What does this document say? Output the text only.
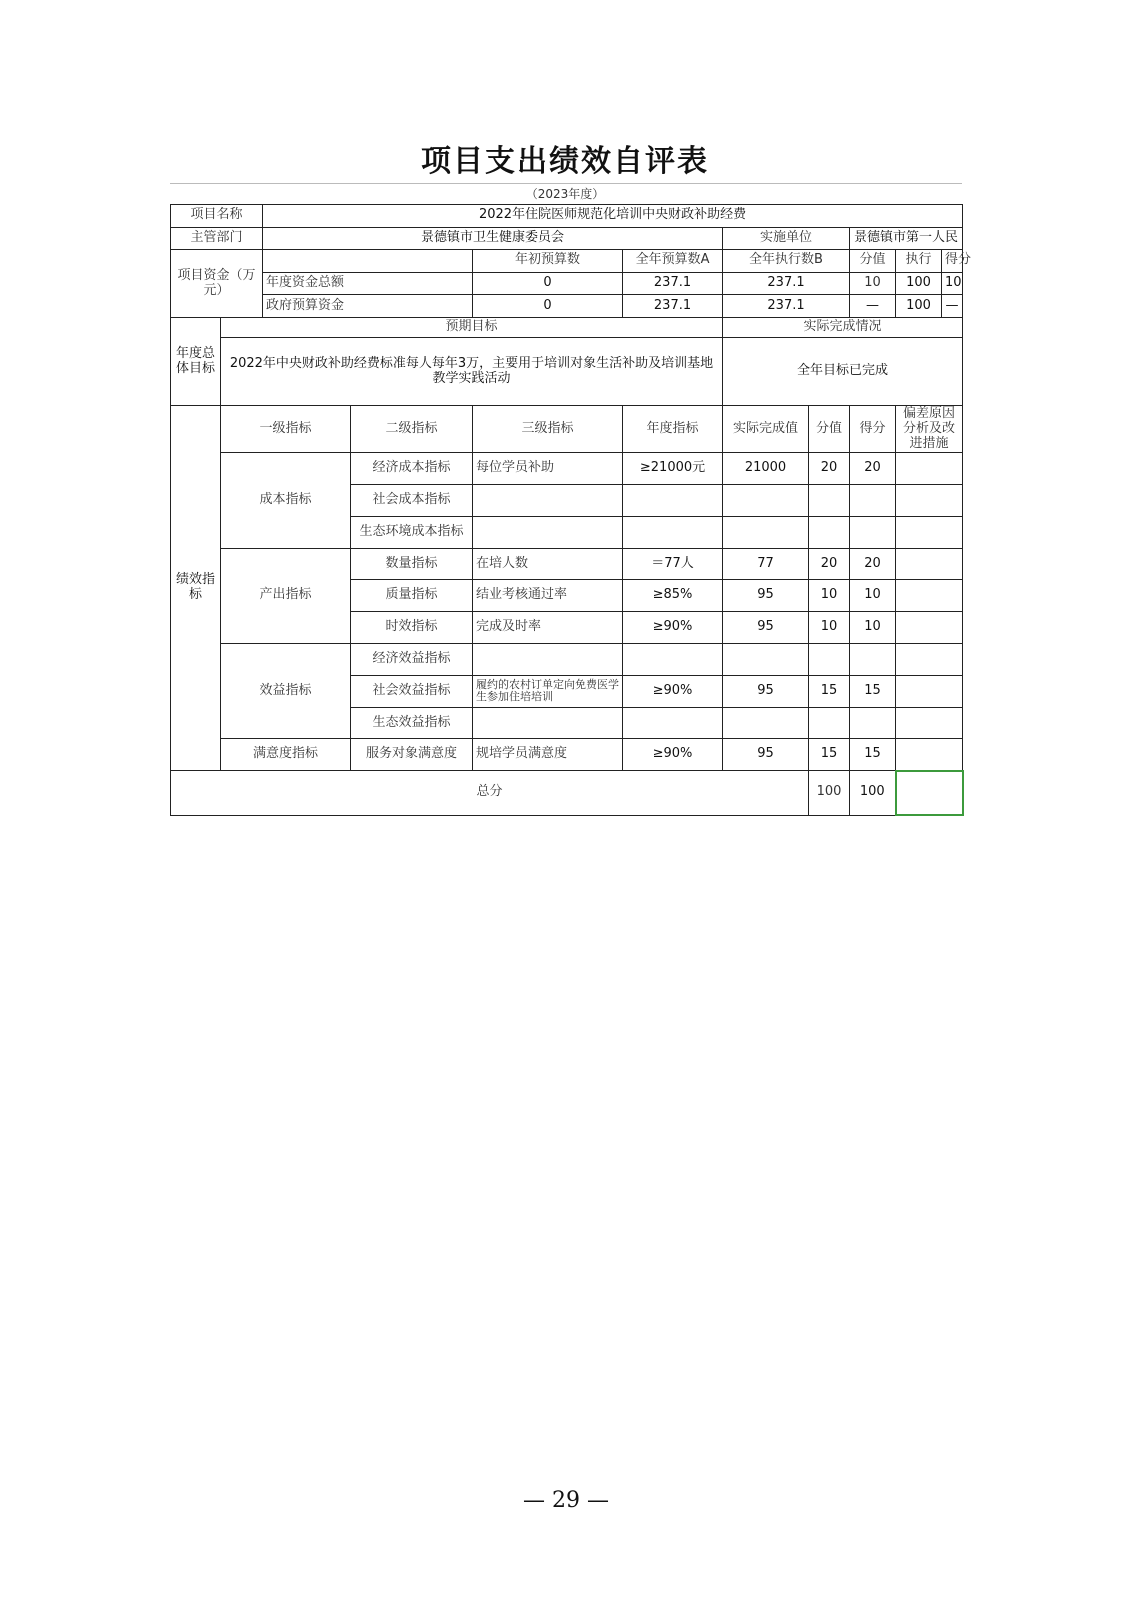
项目支出绩效自评表
（2023年度）
项目名称		2022年住院医师规范化培训中央财政补助经费								
主管部门		景德镇市卫生健康委员会				实施单位		景德镇市第一人民		
项目资金（万元）				年初预算数	全年预算数A	全年执行数B		分值	执行	得分
		年度资金总额		0	237.1	237.1		10	100	10
		政府预算资金		0	237.1	237.1		—	100	—
年度总体目标	预期目标					实际完成情况				
	2022年中央财政补助经费标准每人每年3万，主要用于培训对象生活补助及培训基地教学实践活动					全年目标已完成				
绩效指标	一级指标		二级指标	三级指标	年度指标	实际完成值	分值	得分	偏差原因分析及改进措施	
	成本指标		经济成本指标	每位学员补助	≥21000元	21000	20	20		
			社会成本指标							
			生态环境成本指标							
	产出指标		数量指标	在培人数	＝77人	77	20	20		
			质量指标	结业考核通过率	≥85%	95	10	10		
			时效指标	完成及时率	≥90%	95	10	10		
	效益指标		经济效益指标							
			社会效益指标	履约的农村订单定向免费医学生参加住培培训	≥90%	95	15	15		
			生态效益指标							
	满意度指标		服务对象满意度	规培学员满意度	≥90%	95	15	15		
总分							100	100		
— 29 —
